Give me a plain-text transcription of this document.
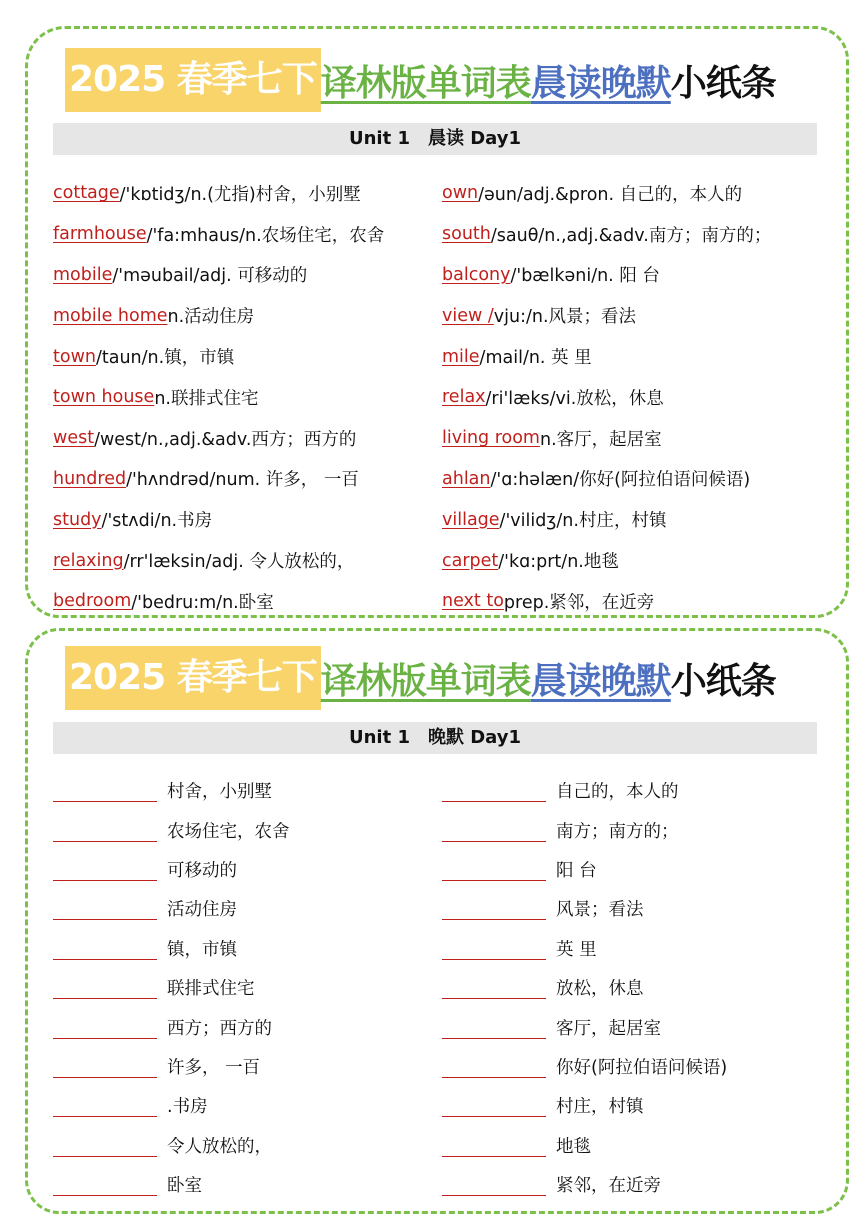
2025 春季七下 译林版单词表 晨读晚默 小纸条
Unit 1　晨读 Day1
cottage /'kɒtidʒ/n.(尤指)村舍，小别墅
farmhouse /'fa:mhaus/n.农场住宅，农舍
mobile /'məubail/adj. 可移动的
mobile home n.活动住房
town /taun/n.镇，市镇
town house n.联排式住宅
west /west/n.,adj.&adv.西方；西方的
hundred /'hʌndrəd/num. 许多， 一百
study /'stʌdi/n.书房
relaxing /rr'læksin/adj. 令人放松的，
bedroom /'bedru:m/n.卧室
own /əun/adj.&pron. 自己的，本人的
south /sauθ/n.,adj.&adv.南方；南方的；
balcony /'bælkəni/n. 阳 台
view / vju:/n.风景；看法
mile /mail/n. 英 里
relax /ri'læks/vi.放松，休息
living room n.客厅，起居室
ahlan /'ɑ:həlæn/你好(阿拉伯语问候语)
village /'vilidʒ/n.村庄，村镇
carpet /'kɑ:prt/n.地毯
next to prep.紧邻，在近旁
2025 春季七下 译林版单词表 晨读晚默 小纸条
Unit 1　晚默 Day1
村舍，小别墅
农场住宅，农舍
可移动的
活动住房
镇，市镇
联排式住宅
西方；西方的
许多， 一百
.书房
令人放松的，
卧室
自己的，本人的
南方；南方的；
阳 台
风景；看法
英 里
放松，休息
客厅，起居室
你好(阿拉伯语问候语)
村庄，村镇
地毯
紧邻，在近旁
